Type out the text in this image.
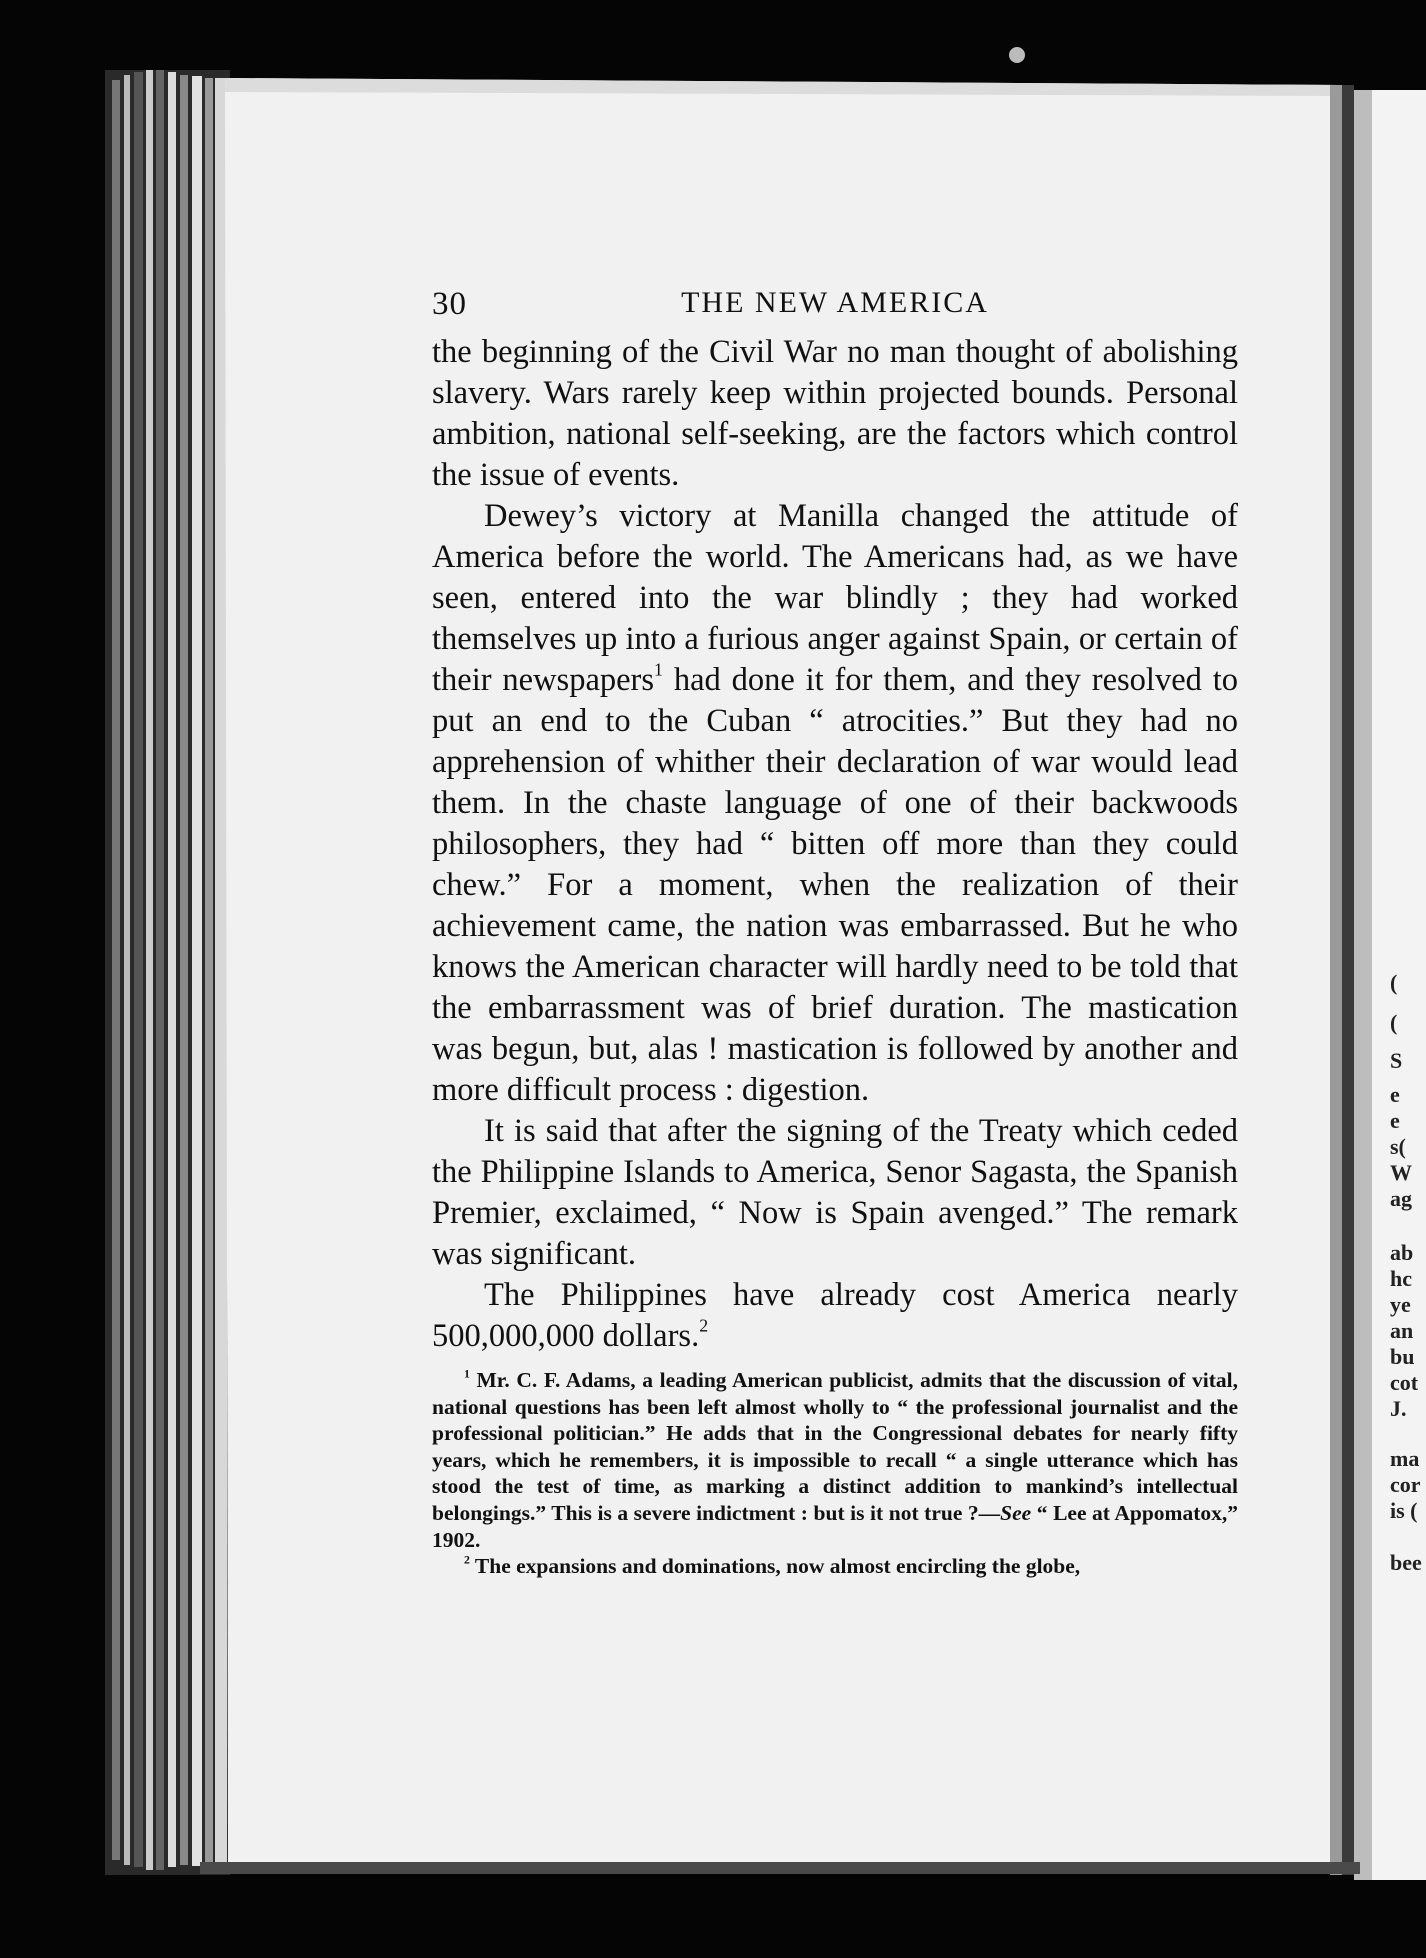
(
(
S
e
e
s(
W
ag
ab
hc
ye
an
bu
cot
J.
ma
cor
is (
bee
30	THE NEW AMERICA

the beginning of the Civil War no man thought of abolishing slavery. Wars rarely keep within projected bounds. Personal ambition, national self-seeking, are the factors which control the issue of events.

Dewey’s victory at Manilla changed the attitude of America before the world. The Americans had, as we have seen, entered into the war blindly ; they had worked themselves up into a furious anger against Spain, or certain of their newspapers$^1$ had done it for them, and they resolved to put an end to the Cuban “ atrocities.” But they had no apprehension of whither their declaration of war would lead them. In the chaste language of one of their backwoods philosophers, they had “ bitten off more than they could chew.” For a moment, when the realization of their achievement came, the nation was embarrassed. But he who knows the American character will hardly need to be told that the embarrassment was of brief duration. The mastication was begun, but, alas ! mastication is followed by another and more difficult process : digestion.

It is said that after the signing of the Treaty which ceded the Philippine Islands to America, Senor Sagasta, the Spanish Premier, exclaimed, “ Now is Spain avenged.” The remark was significant.

The Philippines have already cost America nearly 500,000,000 dollars.$^2$

$^1$ Mr. C. F. Adams, a leading American publicist, admits that the discussion of vital, national questions has been left almost wholly to “ the professional journalist and the professional politician.” He adds that in the Congressional debates for nearly fifty years, which he remembers, it is impossible to recall “ a single utterance which has stood the test of time, as marking a distinct addition to mankind’s intellectual belongings.” This is a severe indictment : but is it not true ?—See “ Lee at Appomatox,” 1902.

$^2$ The expansions and dominations, now almost encircling the globe,
